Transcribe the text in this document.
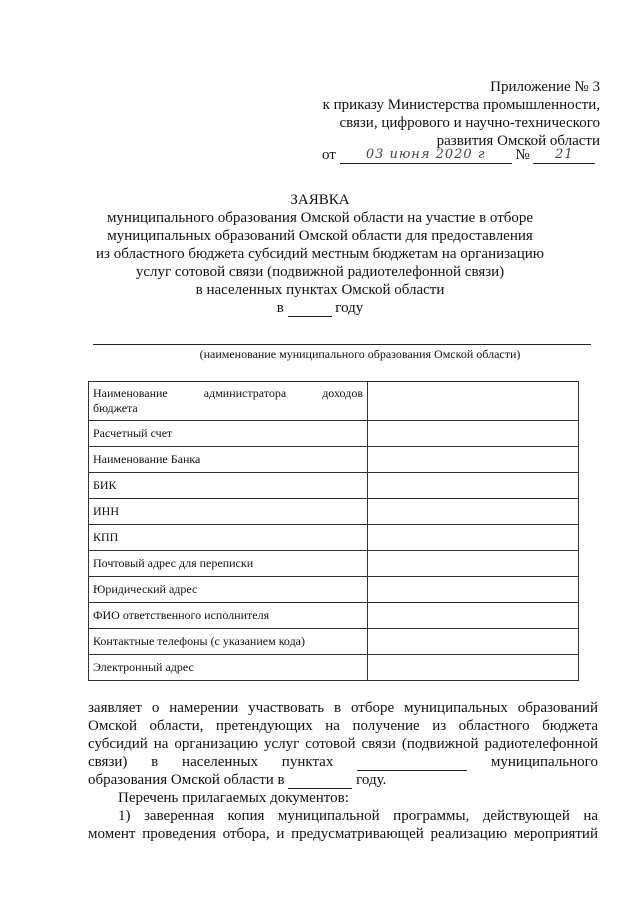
Приложение № 3
к приказу Министерства промышленности,
связи, цифрового и научно-технического
развития Омской области
от 03 июня 2020 г № 21
ЗАЯВКА
муниципального образования Омской области на участие в отборе
муниципальных образований Омской области для предоставления
из областного бюджета субсидий местным бюджетам на организацию
услуг сотовой связи (подвижной радиотелефонной связи)
в населенных пунктах Омской области
в	году
(наименование муниципального образования Омской области)
Наименование администратора доходов
бюджета	

Расчетный счет	
Наименование Банка	
БИК	
ИНН	
КПП	
Почтовый адрес для переписки	
Юридический адрес	
ФИО ответственного исполнителя	
Контактные телефоны (с указанием кода)	
Электронный адрес	
заявляет о намерении участвовать в отборе муниципальных образований
Омской области, претендующих на получение из областного бюджета
субсидий на организацию услуг сотовой связи (подвижной радиотелефонной
связи) в населенных пунктах	муниципального
образования Омской области в	году.
Перечень прилагаемых документов:
1) заверенная копия муниципальной программы, действующей на
момент проведения отбора, и предусматривающей реализацию мероприятий
